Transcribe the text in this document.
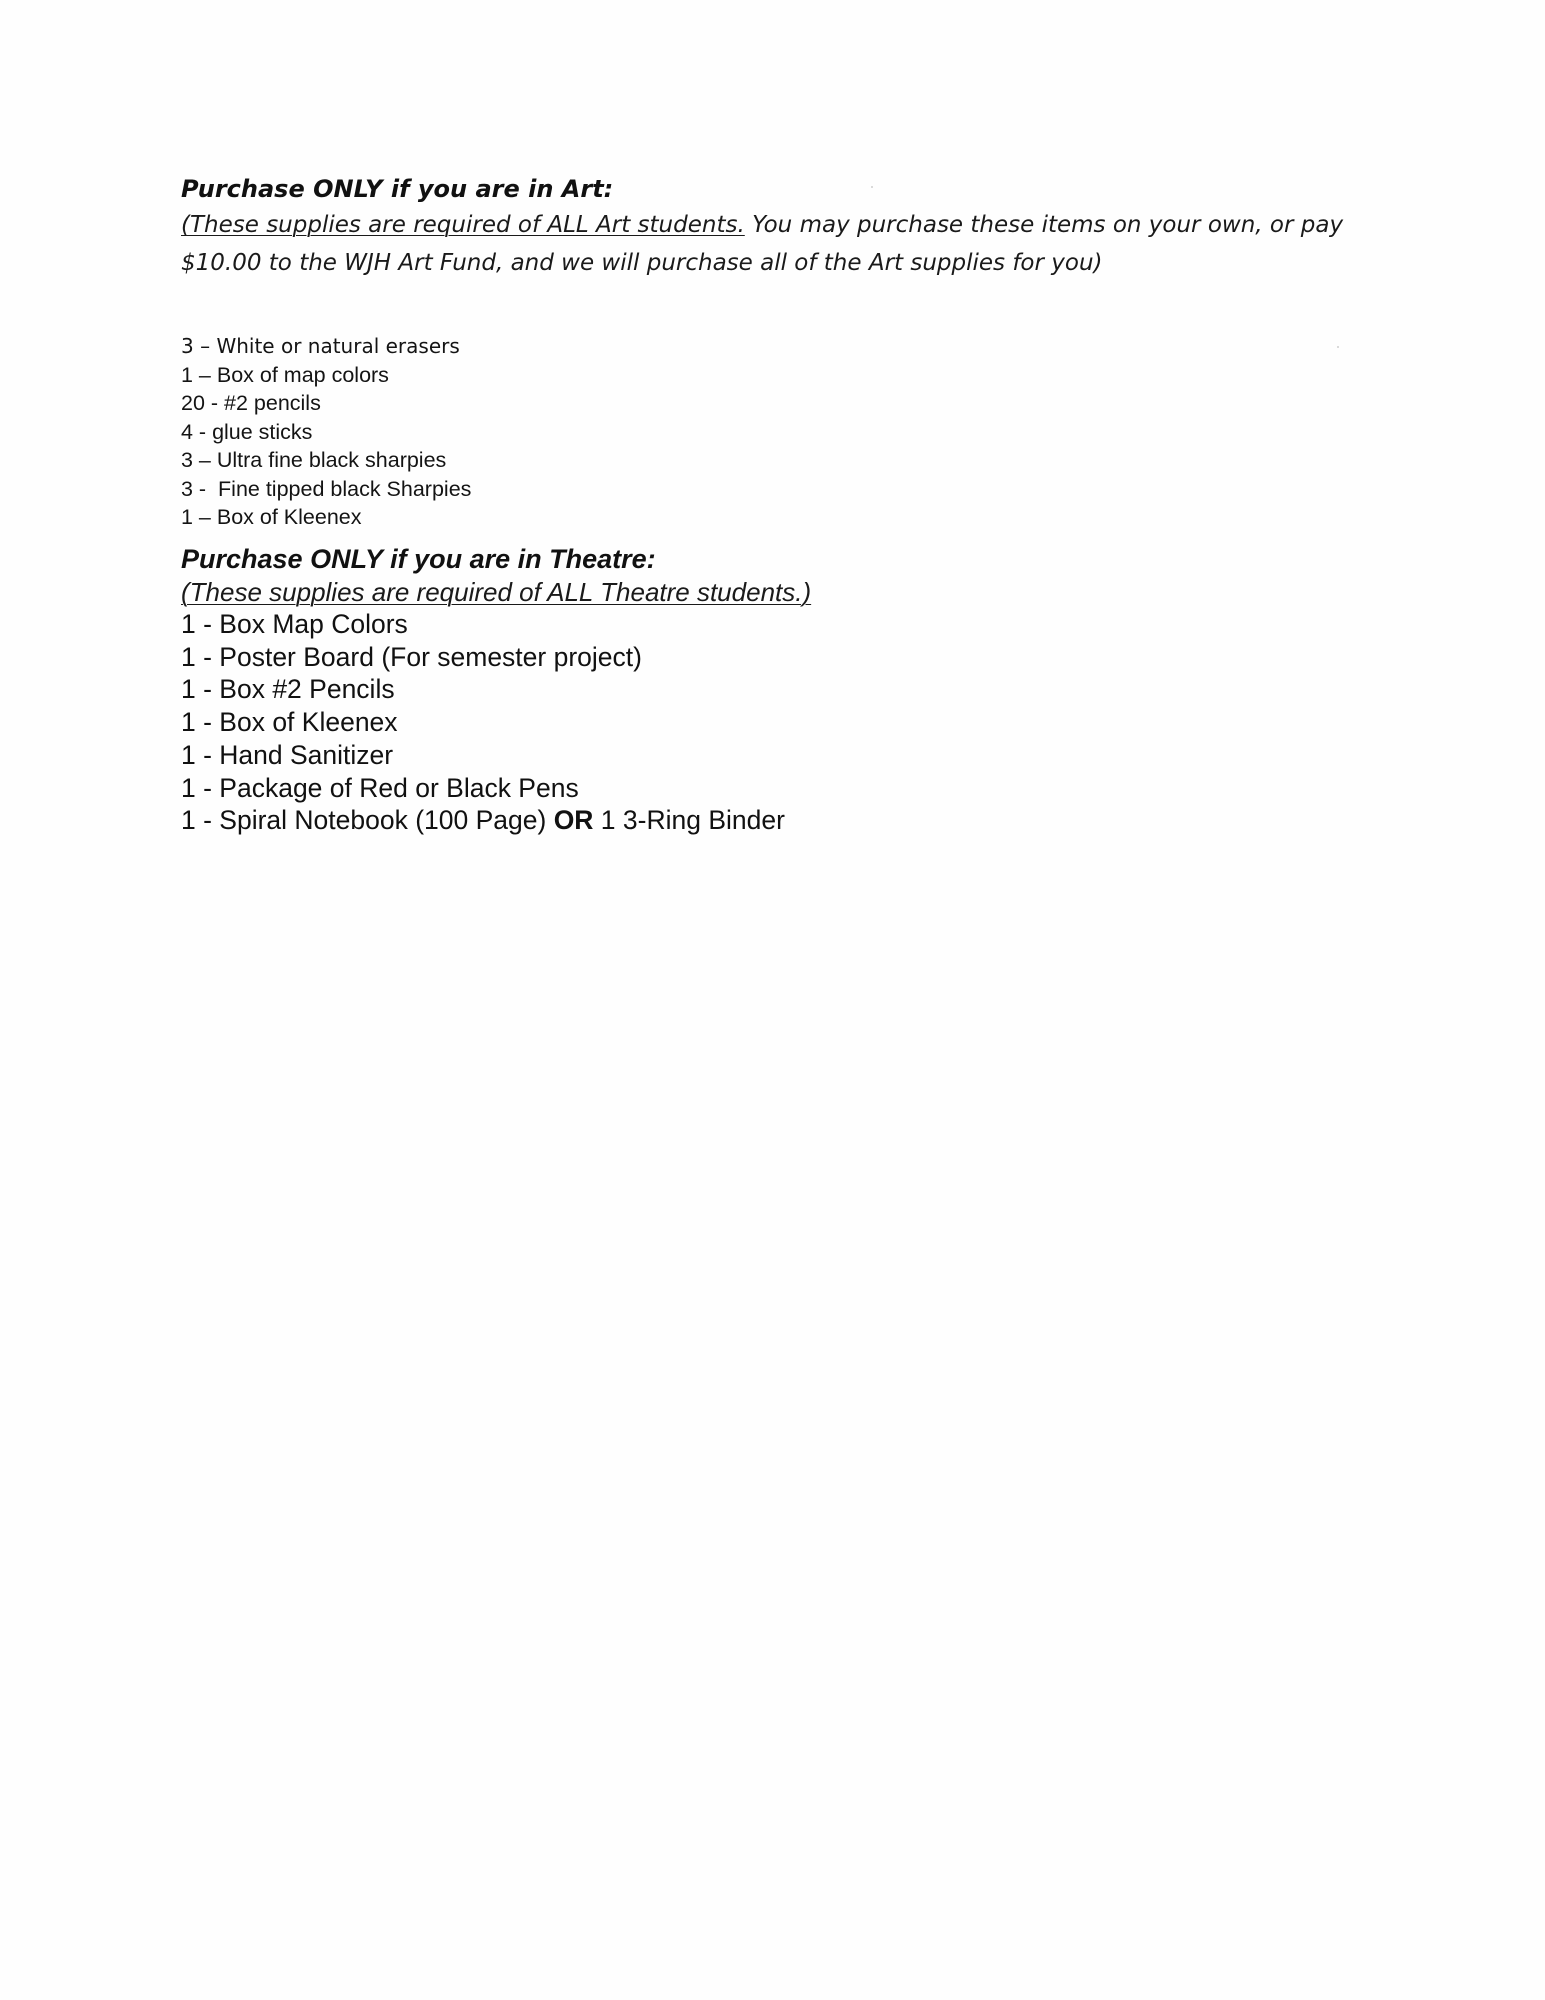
Purchase ONLY if you are in Art:

(These supplies are required of ALL Art students. You may purchase these items on your own, or pay
$10.00 to the WJH Art Fund, and we will purchase all of the Art supplies for you)

3 – White or natural erasers
1 – Box of map colors
20 - #2 pencils
4 - glue sticks
3 – Ultra fine black sharpies
3 -  Fine tipped black Sharpies
1 – Box of Kleenex

Purchase ONLY if you are in Theatre:

(These supplies are required of ALL Theatre students.)

1 - Box Map Colors
1 - Poster Board (For semester project)
1 - Box #2 Pencils
1 - Box of Kleenex
1 - Hand Sanitizer
1 - Package of Red or Black Pens
1 - Spiral Notebook (100 Page) OR 1 3-Ring Binder
